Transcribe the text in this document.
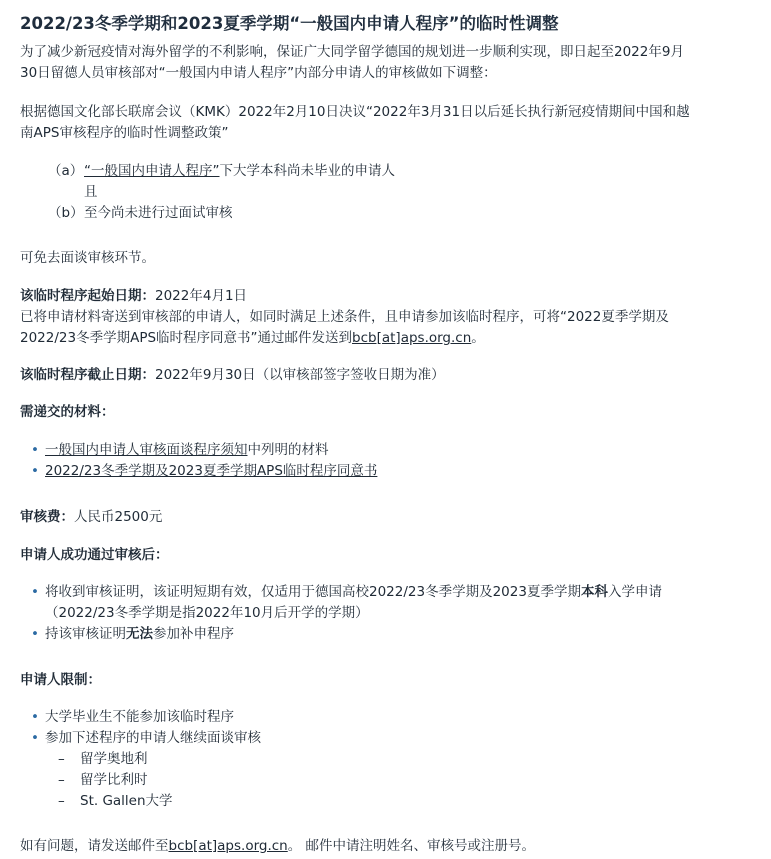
2022/23冬季学期和2023夏季学期“一般国内申请人程序”的临时性调整
为了减少新冠疫情对海外留学的不利影响，保证广大同学留学德国的规划进一步顺利实现，即日起至2022年9月
30日留德人员审核部对“一般国内申请人程序”内部分申请人的审核做如下调整：
根据德国文化部长联席会议（KMK）2022年2月10日决议“2022年3月31日以后延长执行新冠疫情期间中国和越
南APS审核程序的临时性调整政策”
（a） “一般国内申请人程序”下大学本科尚未毕业的申请人
且
（b） 至今尚未进行过面试审核
可免去面谈审核环节。
该临时程序起始日期：2022年4月1日
已将申请材料寄送到审核部的申请人，如同时满足上述条件，且申请参加该临时程序，可将“2022夏季学期及
2022/23冬季学期APS临时程序同意书”通过邮件发送到bcb[at]aps.org.cn。
该临时程序截止日期：2022年9月30日（以审核部签字签收日期为准）
需递交的材料：
• 一般国内申请人审核面谈程序须知中列明的材料
• 2022/23冬季学期及2023夏季学期APS临时程序同意书
审核费：人民币2500元
申请人成功通过审核后：
• 将收到审核证明，该证明短期有效，仅适用于德国高校2022/23冬季学期及2023夏季学期本科入学申请
（2022/23冬季学期是指2022年10月后开学的学期）
• 持该审核证明无法参加补申程序
申请人限制：
• 大学毕业生不能参加该临时程序
• 参加下述程序的申请人继续面谈审核
– 留学奥地利
– 留学比利时
– St. Gallen大学
如有问题，请发送邮件至bcb[at]aps.org.cn。 邮件中请注明姓名、审核号或注册号。
